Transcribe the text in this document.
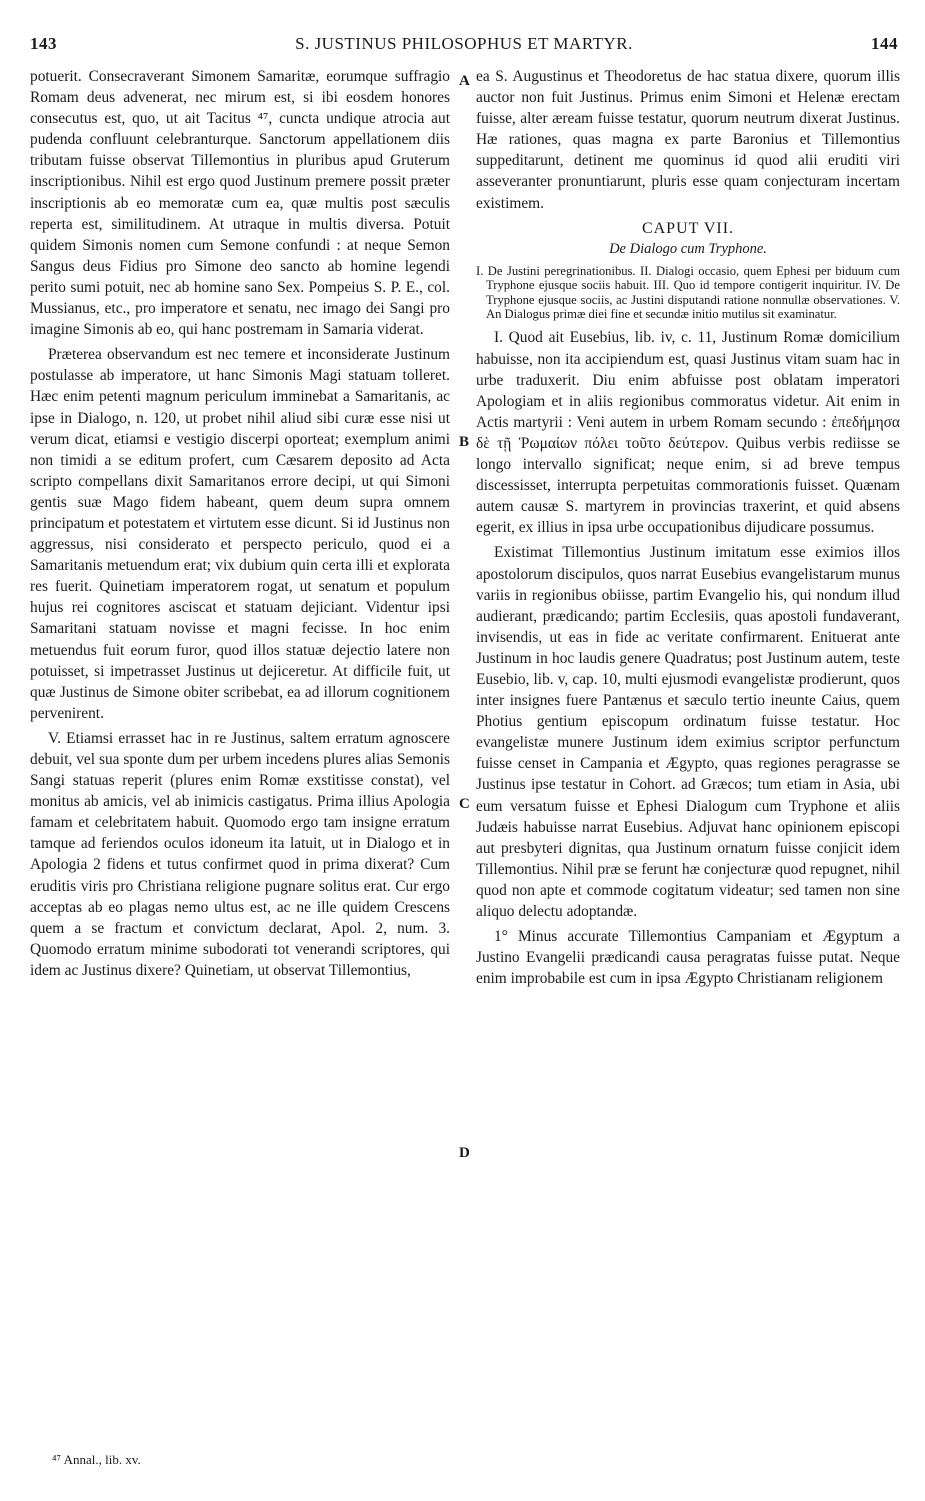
143	S. JUSTINUS PHILOSOPHUS ET MARTYR.	144

potuerit. Consecraverant Simonem Samaritæ, eorumque suffragio Romam deus advenerat, nec mirum est, si ibi eosdem honores consecutus est, quo, ut ait Tacitus ⁴⁷, cuncta undique atrocia aut pudenda confluunt celebranturque. Sanctorum appellationem diis tributam fuisse observat Tillemontius in pluribus apud Gruterum inscriptionibus. Nihil est ergo quod Justinum premere possit præter inscriptionis ab eo memoratæ cum ea, quæ multis post sæculis reperta est, similitudinem. At utraque in multis diversa. Potuit quidem Simonis nomen cum Semone confundi : at neque Semon Sangus deus Fidius pro Simone deo sancto ab homine legendi perito sumi potuit, nec ab homine sano Sex. Pompeius S. P. E., col. Mussianus, etc., pro imperatore et senatu, nec imago dei Sangi pro imagine Simonis ab eo, qui hanc postremam in Samaria viderat.

Præterea observandum est nec temere et inconsiderate Justinum postulasse ab imperatore, ut hanc Simonis Magi statuam tolleret. Hæc enim petenti magnum periculum imminebat a Samaritanis, ac ipse in Dialogo, n. 120, ut probet nihil aliud sibi curæ esse nisi ut verum dicat, etiamsi e vestigio discerpi oporteat; exemplum animi non timidi a se editum profert, cum Cæsarem deposito ad Acta scripto compellans dixit Samaritanos errore decipi, ut qui Simoni gentis suæ Mago fidem habeant, quem deum supra omnem principatum et potestatem et virtutem esse dicunt. Si id Justinus non aggressus, nisi considerato et perspecto periculo, quod ei a Samaritanis metuendum erat; vix dubium quin certa illi et explorata res fuerit. Quinetiam imperatorem rogat, ut senatum et populum hujus rei cognitores asciscat et statuam dejiciant. Videntur ipsi Samaritani statuam novisse et magni fecisse. In hoc enim metuendus fuit eorum furor, quod illos statuæ dejectio latere non potuisset, si impetrasset Justinus ut dejiceretur. At difficile fuit, ut quæ Justinus de Simone obiter scribebat, ea ad illorum cognitionem pervenirent.

V. Etiamsi errasset hac in re Justinus, saltem erratum agnoscere debuit, vel sua sponte dum per urbem incedens plures alias Semonis Sangi statuas reperit (plures enim Romæ exstitisse constat), vel monitus ab amicis, vel ab inimicis castigatus. Prima illius Apologia famam et celebritatem habuit. Quomodo ergo tam insigne erratum tamque ad feriendos oculos idoneum ita latuit, ut in Dialogo et in Apologia 2 fidens et tutus confirmet quod in prima dixerat? Cum eruditis viris pro Christiana religione pugnare solitus erat. Cur ergo acceptas ab eo plagas nemo ultus est, ac ne ille quidem Crescens quem a se fractum et convictum declarat, Apol. 2, num. 3. Quomodo erratum minime subodorati tot venerandi scriptores, qui idem ac Justinus dixere? Quinetiam, ut observat Tillemontius,

A
B
C
D

ea S. Augustinus et Theodoretus de hac statua dixere, quorum illis auctor non fuit Justinus. Primus enim Simoni et Helenæ erectam fuisse, alter æream fuisse testatur, quorum neutrum dixerat Justinus. Hæ rationes, quas magna ex parte Baronius et Tillemontius suppeditarunt, detinent me quominus id quod alii eruditi viri asseveranter pronuntiarunt, pluris esse quam conjecturam incertam existimem.

CAPUT VII.
De Dialogo cum Tryphone.
I. De Justini peregrinationibus. II. Dialogi occasio, quem Ephesi per biduum cum Tryphone ejusque sociis habuit. III. Quo id tempore contigerit inquiritur. IV. De Tryphone ejusque sociis, ac Justini disputandi ratione nonnullæ observationes. V. An Dialogus primæ diei fine et secundæ initio mutilus sit examinatur.

I. Quod ait Eusebius, lib. iv, c. 11, Justinum Romæ domicilium habuisse, non ita accipiendum est, quasi Justinus vitam suam hac in urbe traduxerit. Diu enim abfuisse post oblatam imperatori Apologiam et in aliis regionibus commoratus videtur. Ait enim in Actis martyrii : Veni autem in urbem Romam secundo : ἐπεδήμησα δὲ τῇ Ῥωμαίων πόλει τοῦτο δεύτερον. Quibus verbis rediisse se longo intervallo significat; neque enim, si ad breve tempus discessisset, interrupta perpetuitas commorationis fuisset. Quænam autem causæ S. martyrem in provincias traxerint, et quid absens egerit, ex illius in ipsa urbe occupationibus dijudicare possumus.

Existimat Tillemontius Justinum imitatum esse eximios illos apostolorum discipulos, quos narrat Eusebius evangelistarum munus variis in regionibus obiisse, partim Evangelio his, qui nondum illud audierant, prædicando; partim Ecclesiis, quas apostoli fundaverant, invisendis, ut eas in fide ac veritate confirmarent. Enituerat ante Justinum in hoc laudis genere Quadratus; post Justinum autem, teste Eusebio, lib. v, cap. 10, multi ejusmodi evangelistæ prodierunt, quos inter insignes fuere Pantænus et sæculo tertio ineunte Caius, quem Photius gentium episcopum ordinatum fuisse testatur. Hoc evangelistæ munere Justinum idem eximius scriptor perfunctum fuisse censet in Campania et Ægypto, quas regiones peragrasse se Justinus ipse testatur in Cohort. ad Græcos; tum etiam in Asia, ubi eum versatum fuisse et Ephesi Dialogum cum Tryphone et aliis Judæis habuisse narrat Eusebius. Adjuvat hanc opinionem episcopi aut presbyteri dignitas, qua Justinum ornatum fuisse conjicit idem Tillemontius. Nihil præ se ferunt hæ conjecturæ quod repugnet, nihil quod non apte et commode cogitatum videatur; sed tamen non sine aliquo delectu adoptandæ.

1° Minus accurate Tillemontius Campaniam et Ægyptum a Justino Evangelii prædicandi causa peragratas fuisse putat. Neque enim improbabile est cum in ipsa Ægypto Christianam religionem

⁴⁷ Annal., lib. xv.
